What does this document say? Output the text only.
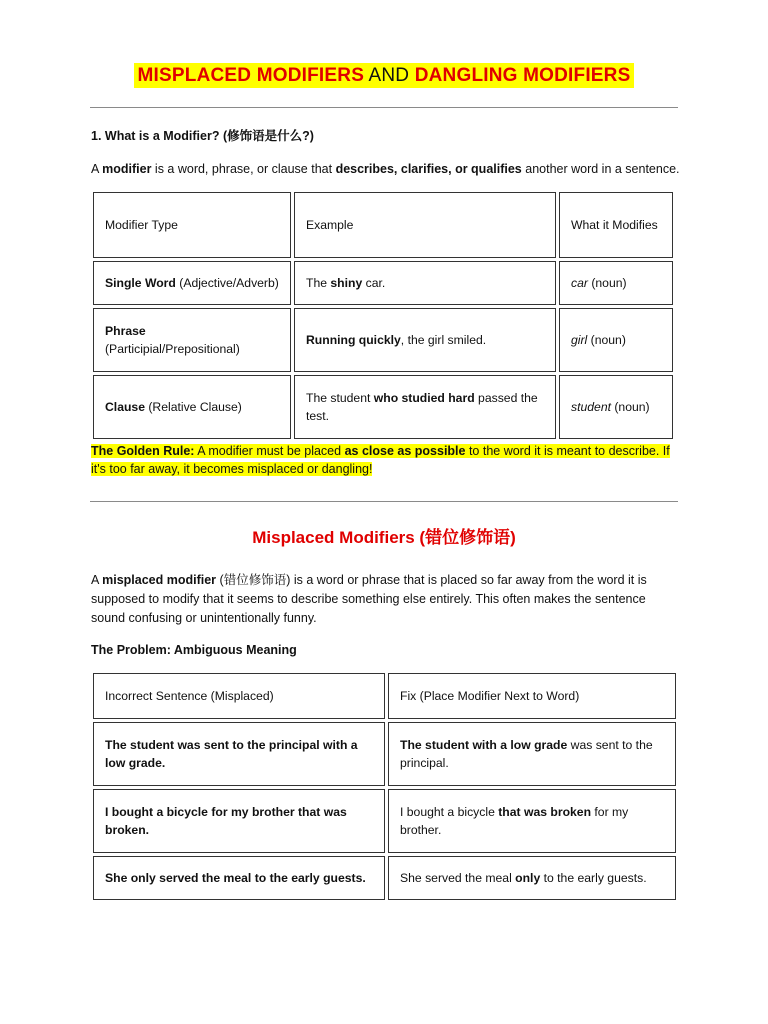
MISPLACED MODIFIERS AND DANGLING MODIFIERS
1. What is a Modifier? (修饰语是什么?)
A modifier is a word, phrase, or clause that describes, clarifies, or qualifies another word in a sentence.
Modifier Type	Example	What it Modifies
Single Word (Adjective/Adverb)	The shiny car.	car (noun)
Phrase
(Participial/Prepositional)	Running quickly, the girl smiled.	girl (noun)
Clause (Relative Clause)	The student who studied hard passed the test.	student (noun)
The Golden Rule: A modifier must be placed as close as possible to the word it is meant to describe. If it's too far away, it becomes misplaced or dangling!
Misplaced Modifiers (错位修饰语)
A misplaced modifier (错位修饰语) is a word or phrase that is placed so far away from the word it is supposed to modify that it seems to describe something else entirely. This often makes the sentence sound confusing or unintentionally funny.
The Problem: Ambiguous Meaning
Incorrect Sentence (Misplaced)	Fix (Place Modifier Next to Word)
The student was sent to the principal with a low grade.	The student with a low grade was sent to the principal.
I bought a bicycle for my brother that was broken.	I bought a bicycle that was broken for my brother.
She only served the meal to the early guests.	She served the meal only to the early guests.
